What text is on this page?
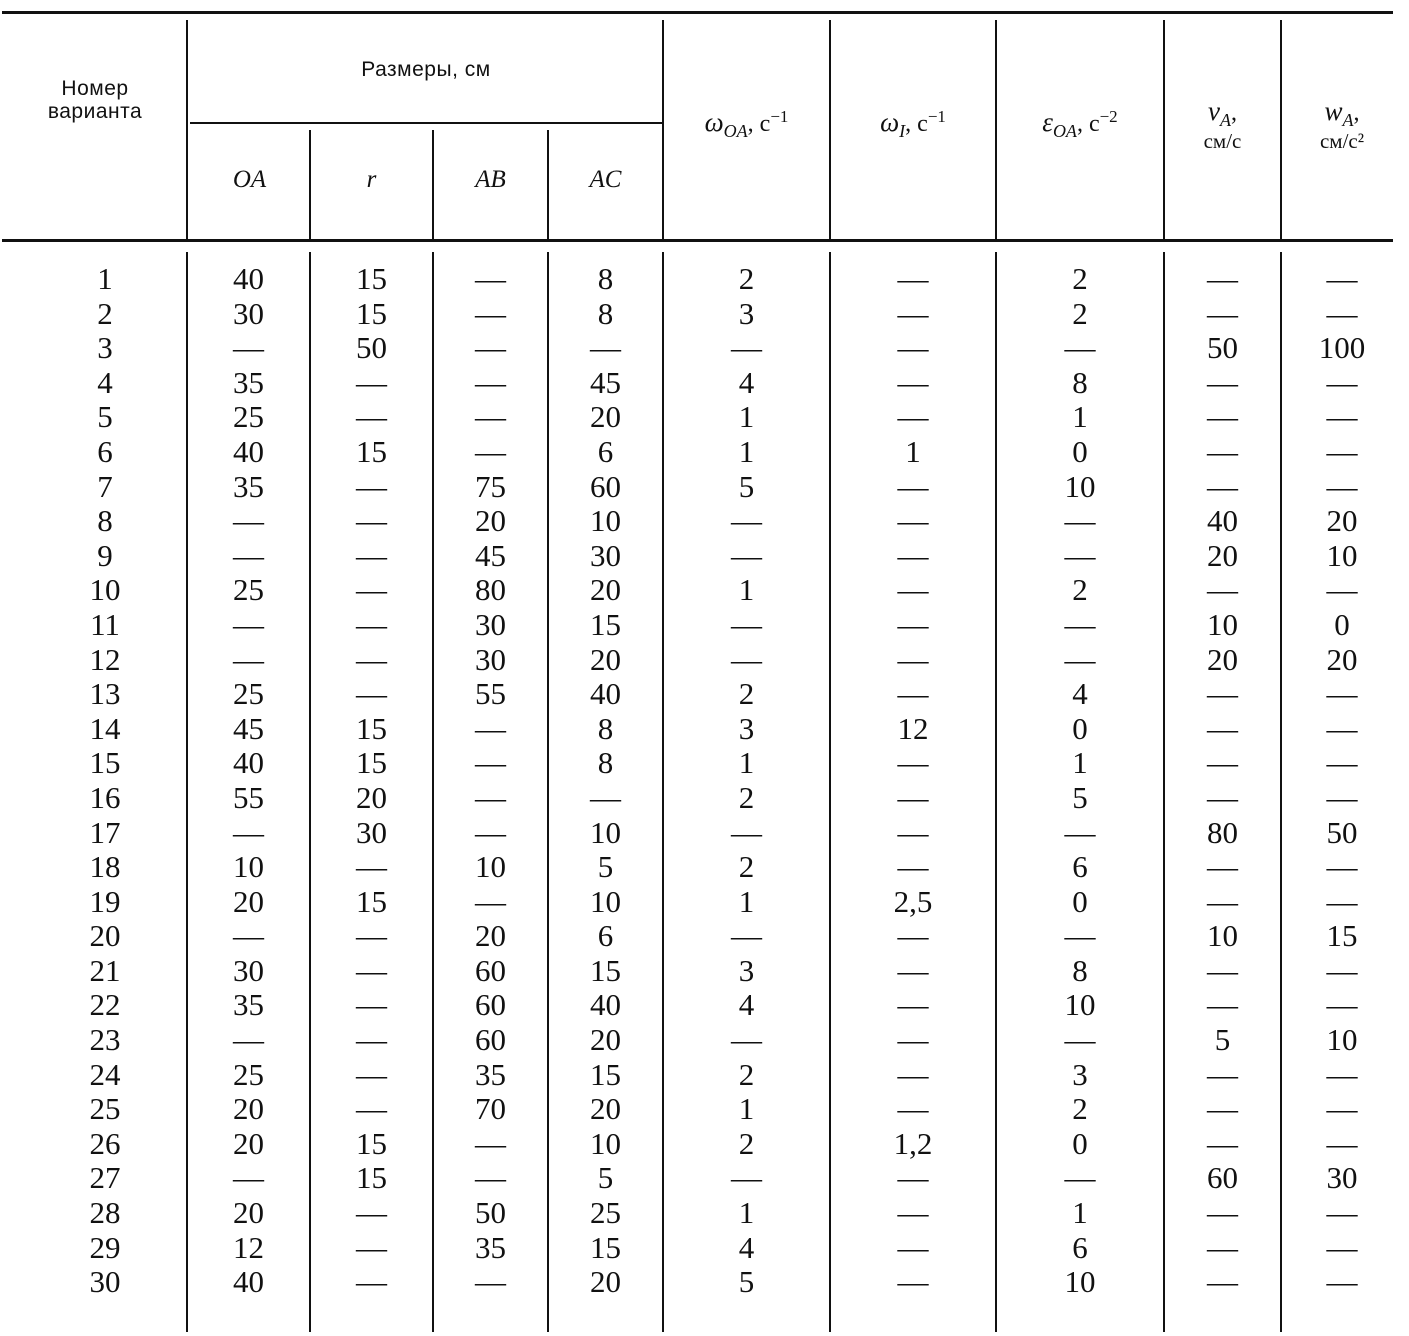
Номер варианта
Размеры, см
OA	r	AB	AC
$\omega_{OA}$, $с^{-1}$	$\omega_I$, $с^{-1}$	$\varepsilon_{OA}$, $с^{-2}$	$v_A$,
см/с
$w_A$,
см/с²
1	40	15	—	8	2	—	2	—	—
2	30	15	—	8	3	—	2	—	—
3	—	50	—	—	—	—	—	50	100
4	35	—	—	45	4	—	8	—	—
5	25	—	—	20	1	—	1	—	—
6	40	15	—	6	1	1	0	—	—
7	35	—	75	60	5	—	10	—	—
8	—	—	20	10	—	—	—	40	20
9	—	—	45	30	—	—	—	20	10
10	25	—	80	20	1	—	2	—	—
11	—	—	30	15	—	—	—	10	0
12	—	—	30	20	—	—	—	20	20
13	25	—	55	40	2	—	4	—	—
14	45	15	—	8	3	12	0	—	—
15	40	15	—	8	1	—	1	—	—
16	55	20	—	—	2	—	5	—	—
17	—	30	—	10	—	—	—	80	50
18	10	—	10	5	2	—	6	—	—
19	20	15	—	10	1	2,5	0	—	—
20	—	—	20	6	—	—	—	10	15
21	30	—	60	15	3	—	8	—	—
22	35	—	60	40	4	—	10	—	—
23	—	—	60	20	—	—	—	5	10
24	25	—	35	15	2	—	3	—	—
25	20	—	70	20	1	—	2	—	—
26	20	15	—	10	2	1,2	0	—	—
27	—	15	—	5	—	—	—	60	30
28	20	—	50	25	1	—	1	—	—
29	12	—	35	15	4	—	6	—	—
30	40	—	—	20	5	—	10	—	—
